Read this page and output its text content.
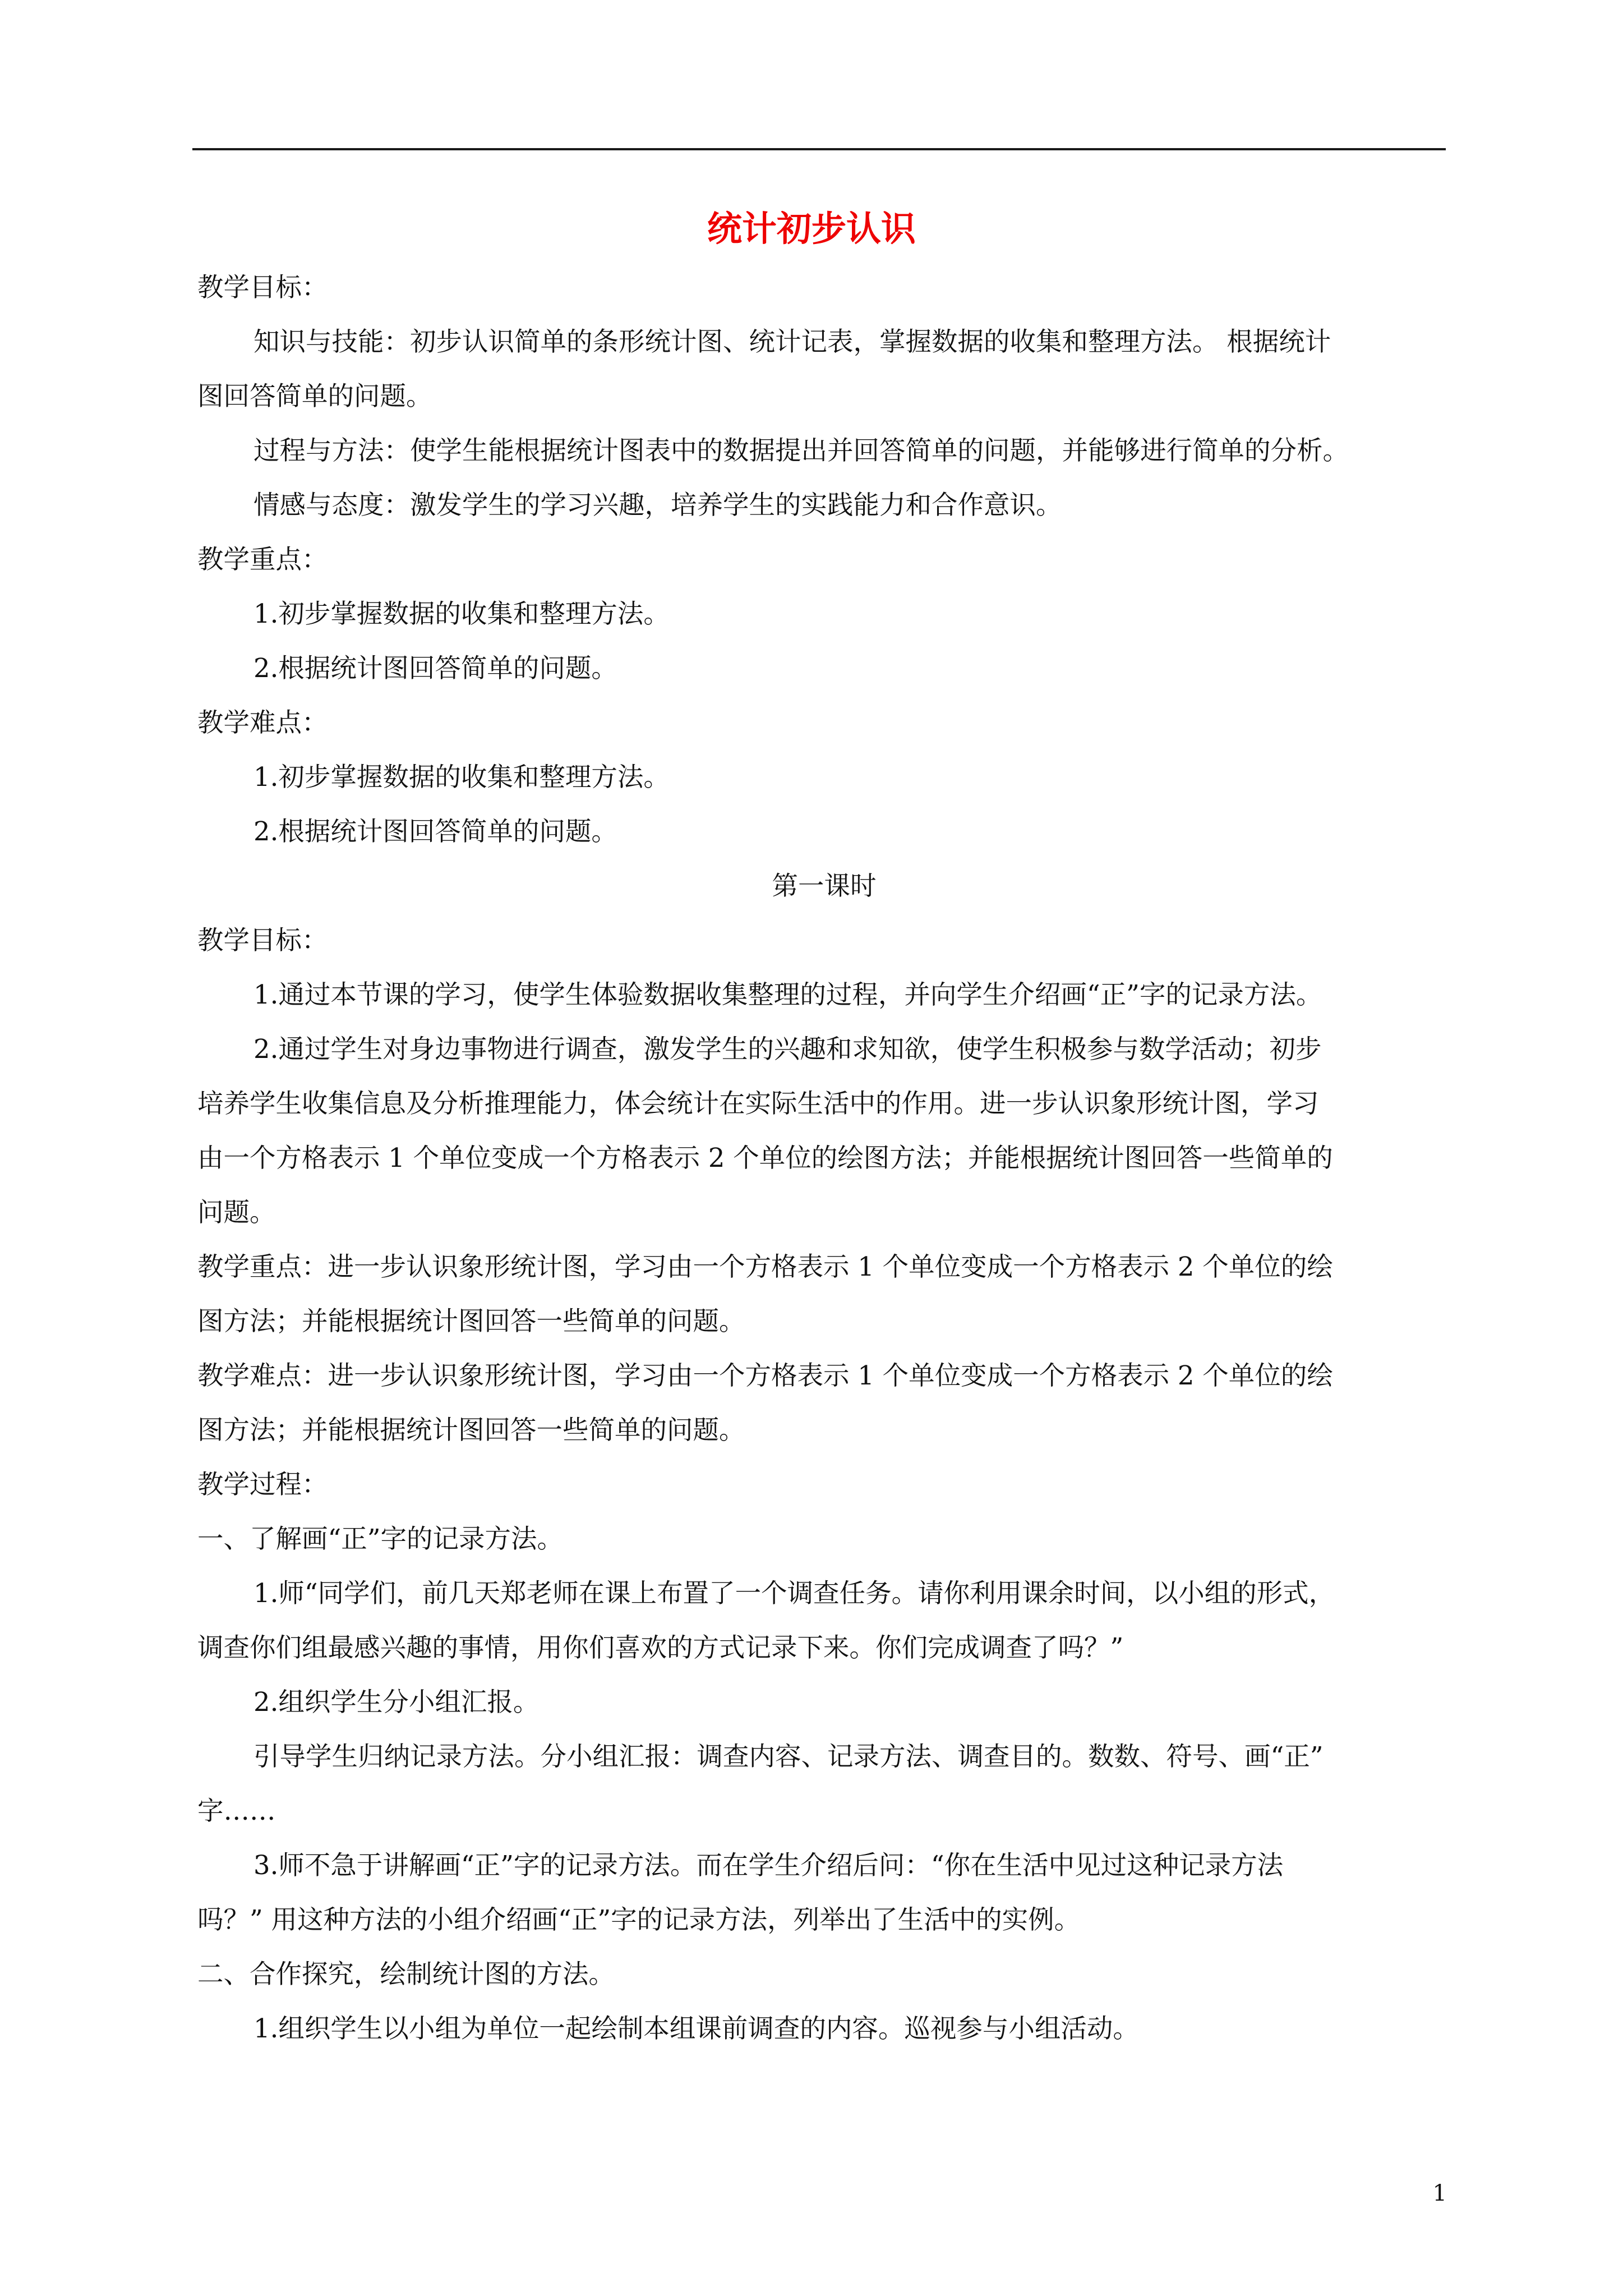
统计初步认识

教学目标：

知识与技能：初步认识简单的条形统计图、统计记表，掌握数据的收集和整理方法。 根据统计

图回答简单的问题。

过程与方法：使学生能根据统计图表中的数据提出并回答简单的问题，并能够进行简单的分析。

情感与态度：激发学生的学习兴趣，培养学生的实践能力和合作意识。

教学重点：

1.初步掌握数据的收集和整理方法。

2.根据统计图回答简单的问题。

教学难点：

1.初步掌握数据的收集和整理方法。

2.根据统计图回答简单的问题。

第一课时

教学目标：

1.通过本节课的学习，使学生体验数据收集整理的过程，并向学生介绍画“正”字的记录方法。

2.通过学生对身边事物进行调查，激发学生的兴趣和求知欲，使学生积极参与数学活动；初步

培养学生收集信息及分析推理能力，体会统计在实际生活中的作用。进一步认识象形统计图，学习

由一个方格表示 1 个单位变成一个方格表示 2 个单位的绘图方法；并能根据统计图回答一些简单的

问题。

教学重点：进一步认识象形统计图，学习由一个方格表示 1 个单位变成一个方格表示 2 个单位的绘

图方法；并能根据统计图回答一些简单的问题。

教学难点：进一步认识象形统计图，学习由一个方格表示 1 个单位变成一个方格表示 2 个单位的绘

图方法；并能根据统计图回答一些简单的问题。

教学过程：

一、了解画“正”字的记录方法。

1.师“同学们，前几天郑老师在课上布置了一个调查任务。请你利用课余时间，以小组的形式，

调查你们组最感兴趣的事情，用你们喜欢的方式记录下来。你们完成调查了吗？”

2.组织学生分小组汇报。

引导学生归纳记录方法。分小组汇报：调查内容、记录方法、调查目的。数数、符号、画“正”

字……

3.师不急于讲解画“正”字的记录方法。而在学生介绍后问：“你在生活中见过这种记录方法

吗？” 用这种方法的小组介绍画“正”字的记录方法，列举出了生活中的实例。

二、合作探究，绘制统计图的方法。

1.组织学生以小组为单位一起绘制本组课前调查的内容。巡视参与小组活动。

1
